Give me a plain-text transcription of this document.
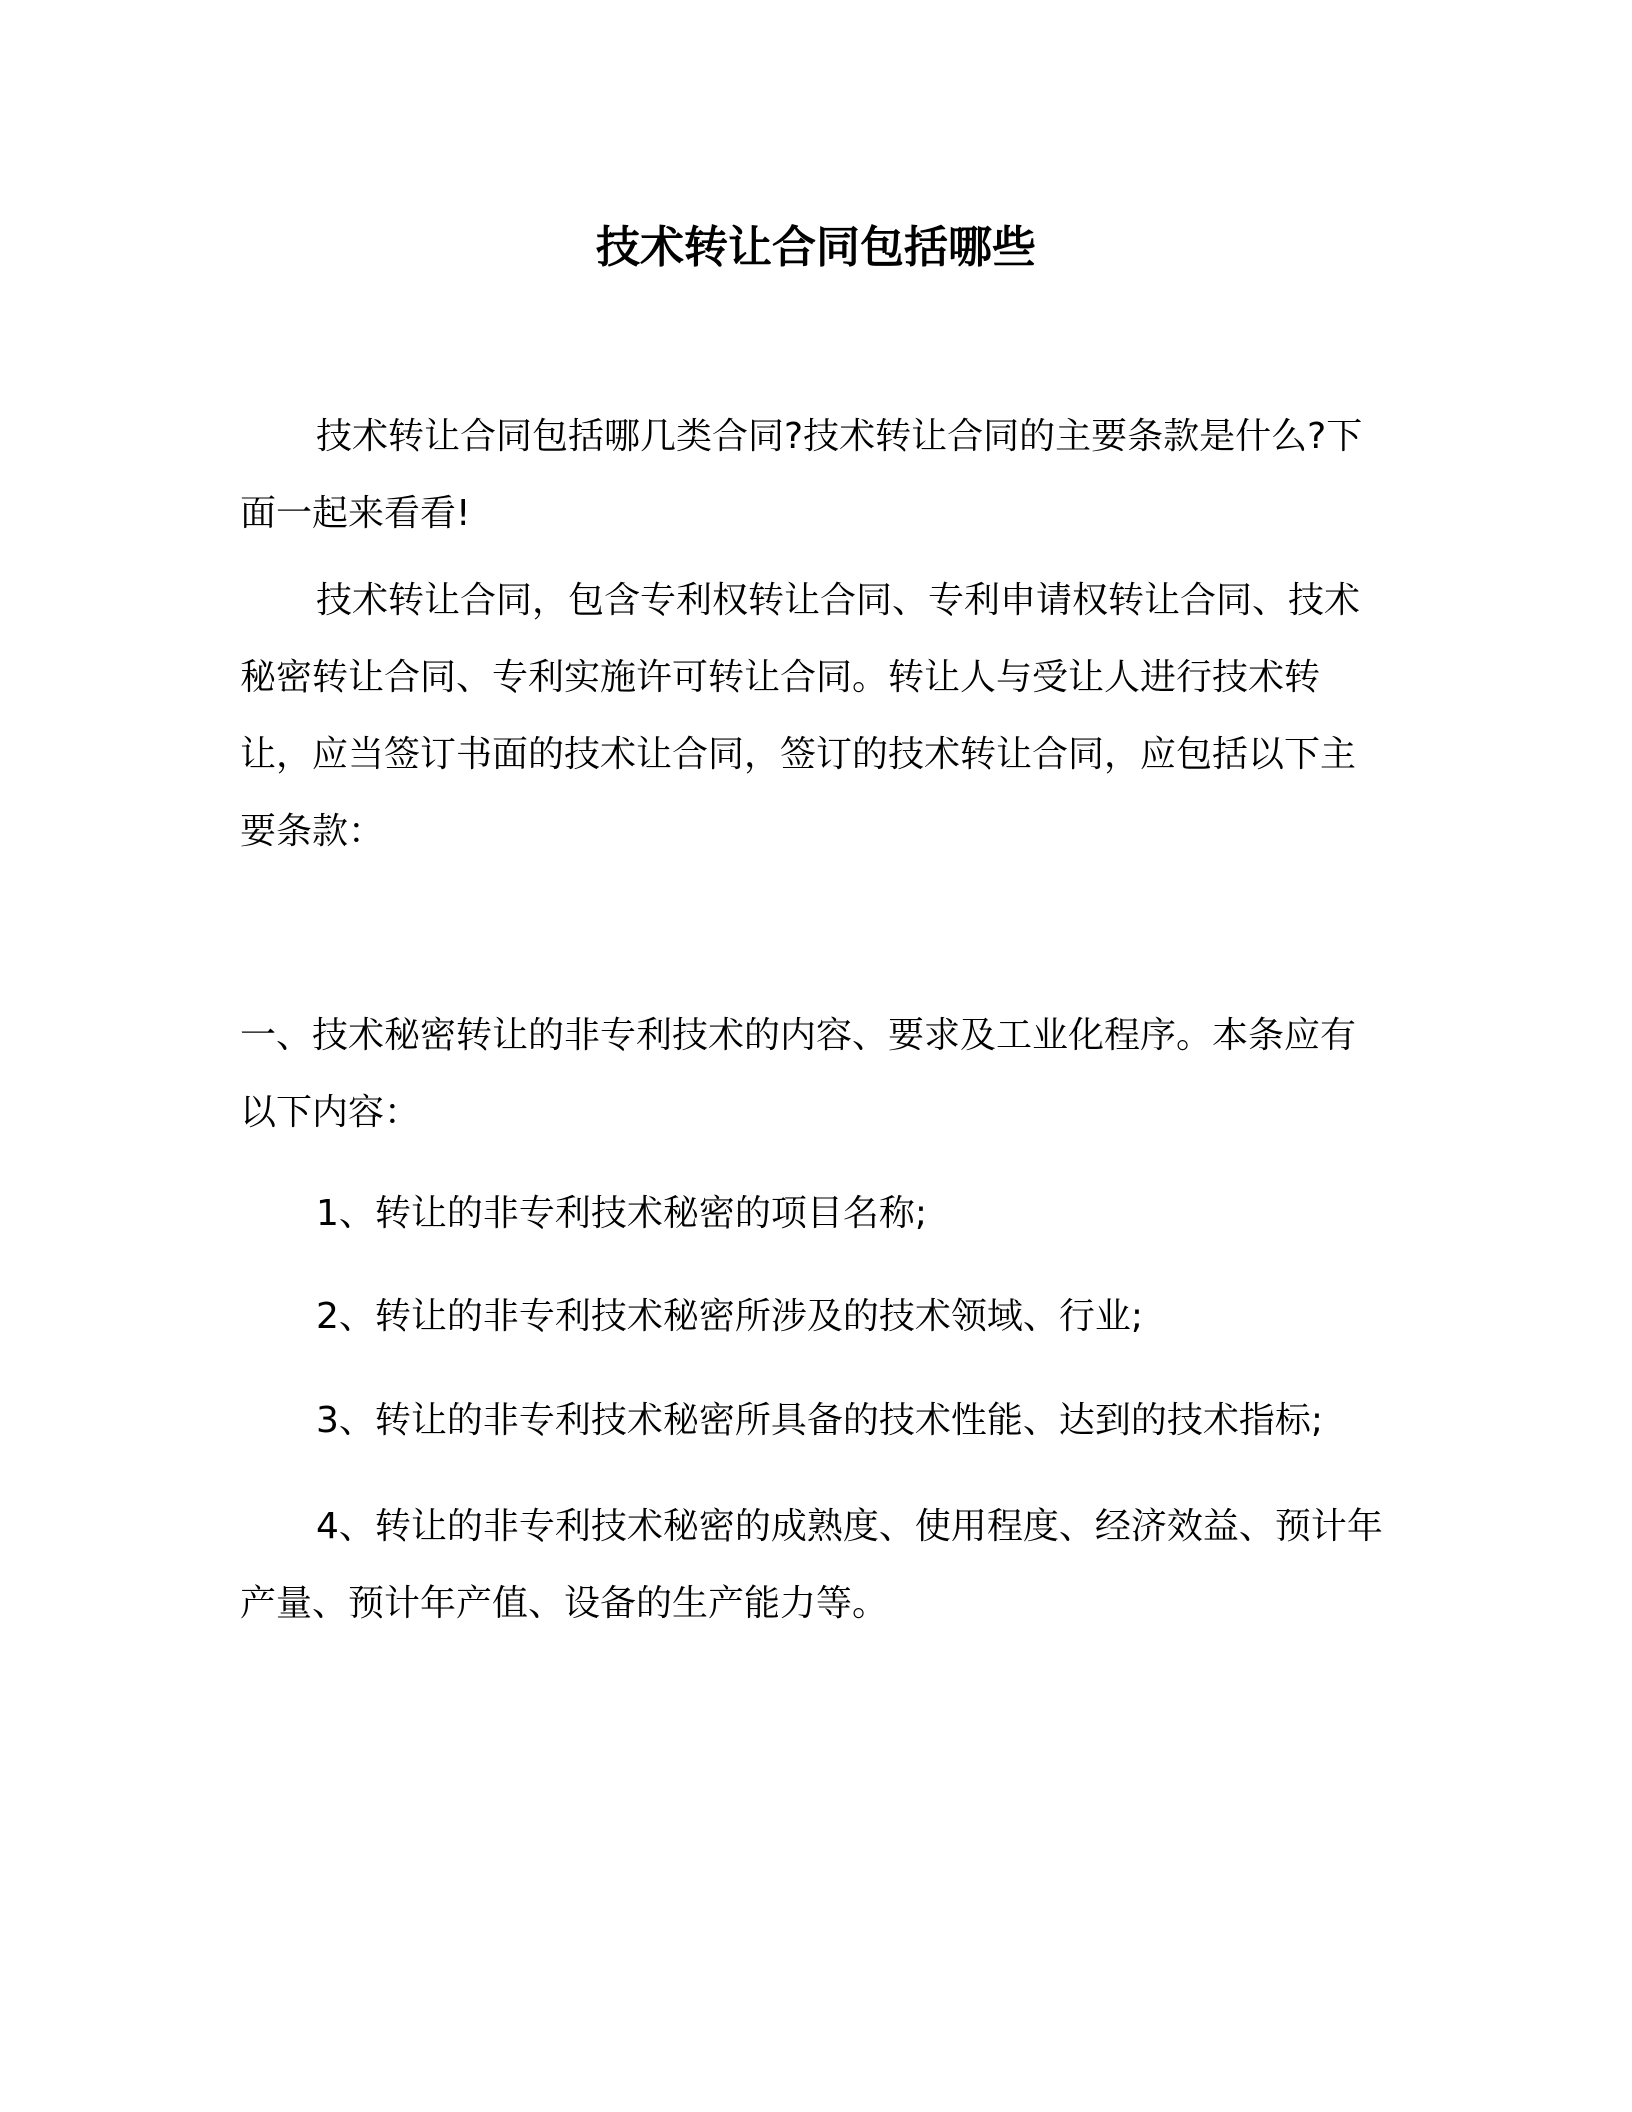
技术转让合同包括哪些

技术转让合同包括哪几类合同?技术转让合同的主要条款是什么?下面一起来看看!

技术转让合同，包含专利权转让合同、专利申请权转让合同、技术秘密转让合同、专利实施许可转让合同。转让人与受让人进行技术转让，应当签订书面的技术让合同，签订的技术转让合同，应包括以下主要条款：

一、技术秘密转让的非专利技术的内容、要求及工业化程序。本条应有以下内容：

1、转让的非专利技术秘密的项目名称;

2、转让的非专利技术秘密所涉及的技术领域、行业;

3、转让的非专利技术秘密所具备的技术性能、达到的技术指标;

4、转让的非专利技术秘密的成熟度、使用程度、经济效益、预计年产量、预计年产值、设备的生产能力等。
